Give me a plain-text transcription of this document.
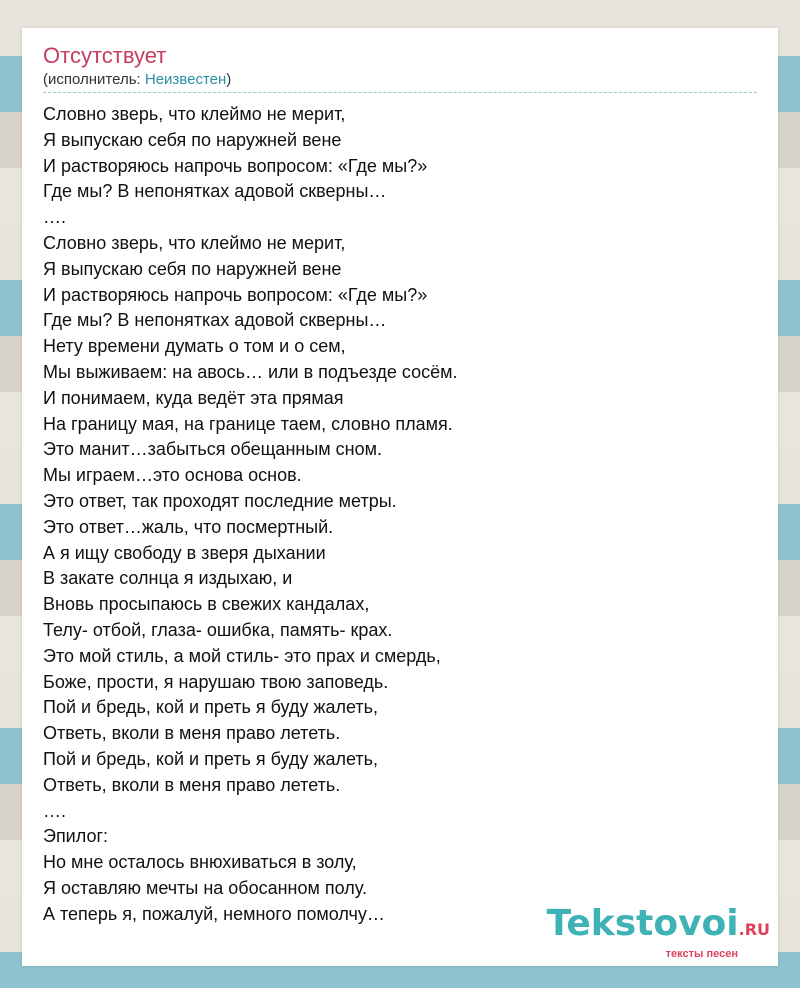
Отсутствует
(исполнитель: Неизвестен)
Словно зверь, что клеймо не мерит,
Я выпускаю себя по наружней вене
И растворяюсь напрочь вопросом: «Где мы?»
Где мы? В непонятках адовой скверны…
….
Словно зверь, что клеймо не мерит,
Я выпускаю себя по наружней вене
И растворяюсь напрочь вопросом: «Где мы?»
Где мы? В непонятках адовой скверны…
Нету времени думать о том и о сем,
Мы выживаем: на авось… или в подъезде сосём.
И понимаем, куда ведёт эта прямая
На границу мая, на границе таем, словно пламя.
Это манит…забыться обещанным сном.
Мы играем…это основа основ.
Это ответ, так проходят последние метры.
Это ответ…жаль, что посмертный.
А я ищу свободу в зверя дыхании
В закате солнца я издыхаю, и
Вновь просыпаюсь в свежих кандалах,
Телу- отбой, глаза- ошибка, память- крах.
Это мой стиль, а мой стиль- это прах и смердь,
Боже, прости, я нарушаю твою заповедь.
Пой и бредь, кой и преть я буду жалеть,
Ответь, вколи в меня право лететь.
Пой и бредь, кой и преть я буду жалеть,
Ответь, вколи в меня право лететь.
….
Эпилог:
Но мне осталось внюхиваться в золу,
Я оставляю мечты на обосанном полу.
А теперь я, пожалуй, немного помолчу…	Tekstovoi.RU
тексты песен
